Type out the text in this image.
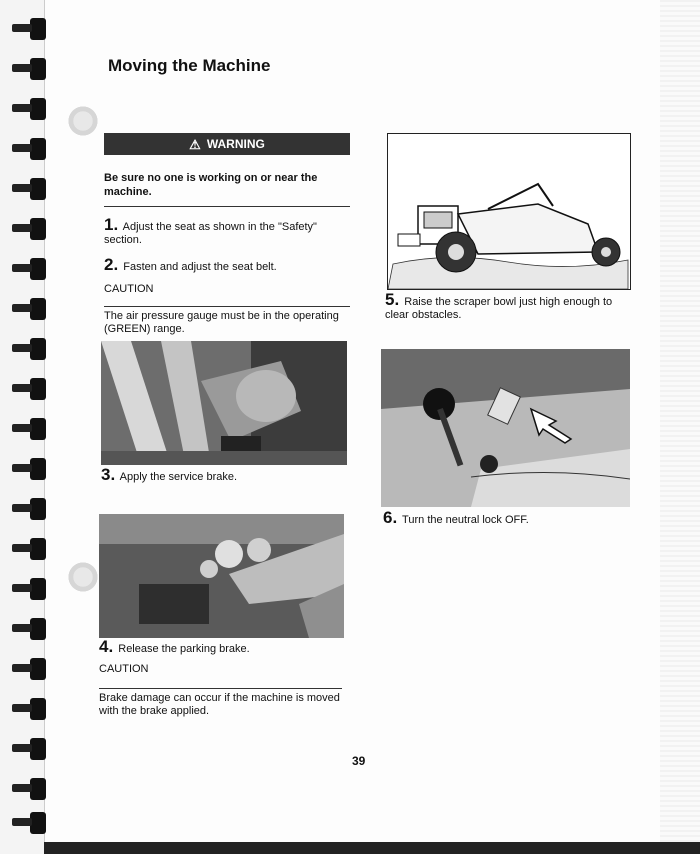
Moving the Machine
⚠ WARNING
Be sure no one is working on or near the machine.
1. Adjust the seat as shown in the "Safety" section.
2. Fasten and adjust the seat belt.
CAUTION
The air pressure gauge must be in the operating (GREEN) range.
3. Apply the service brake.
4. Release the parking brake.
CAUTION
Brake damage can occur if the machine is moved with the brake applied.
5. Raise the scraper bowl just high enough to clear obstacles.
6. Turn the neutral lock OFF.
39
